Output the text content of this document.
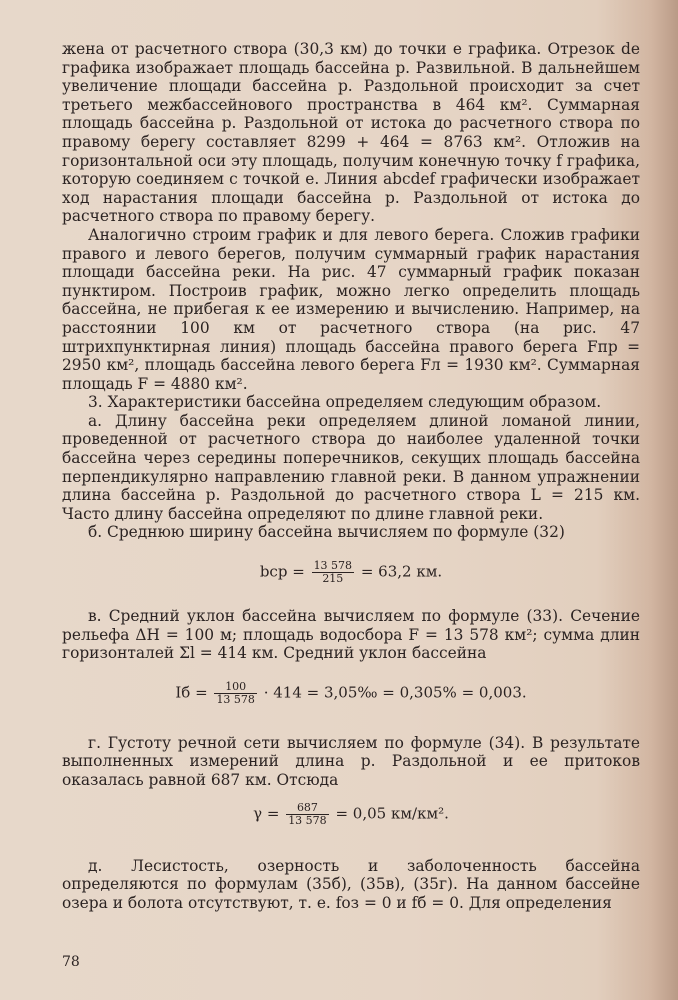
жена от расчетного створа (30,3 км) до точки e графика. Отрезок de графика изображает площадь бассейна р. Развильной. В дальнейшем увеличение площади бассейна р. Раздольной происходит за счет третьего межбассейнового пространства в 464 км². Суммарная площадь бассейна р. Раздольной от истока до расчетного створа по правому берегу составляет 8299 + 464 = 8763 км². Отложив на горизонтальной оси эту площадь, получим конечную точку f графика, которую соединяем с точкой e. Линия abcdef графически изображает ход нарастания площади бассейна р. Раздольной от истока до расчетного створа по правому берегу.

Аналогично строим график и для левого берега. Сложив графики правого и левого берегов, получим суммарный график нарастания площади бассейна реки. На рис. 47 суммарный график показан пунктиром. Построив график, можно легко определить площадь бассейна, не прибегая к ее измерению и вычислению. Например, на расстоянии 100 км от расчетного створа (на рис. 47 штрихпунктирная линия) площадь бассейна правого берега Fпр = 2950 км², площадь бассейна левого берега Fл = 1930 км². Суммарная площадь F = 4880 км².

3. Характеристики бассейна определяем следующим образом.

а. Длину бассейна реки определяем длиной ломаной линии, проведенной от расчетного створа до наиболее удаленной точки бассейна через середины поперечников, секущих площадь бассейна перпендикулярно направлению главной реки. В данном упражнении длина бассейна р. Раздольной до расчетного створа L = 215 км. Часто длину бассейна определяют по длине главной реки.

б. Среднюю ширину бассейна вычисляем по формуле (32)

bср = $\frac{13 578}{215} = 63,2$ км.

в. Средний уклон бассейна вычисляем по формуле (33). Сечение рельефа ΔH = 100 м; площадь водосбора F = 13 578 км²; сумма длин горизонталей Σl = 414 км. Средний уклон бассейна

Iб = $\frac{100}{13 578} \cdot 414$ = 3,05‰ = 0,305% = 0,003.

г. Густоту речной сети вычисляем по формуле (34). В результате выполненных измерений длина р. Раздольной и ее притоков оказалась равной 687 км. Отсюда

$\gamma = \frac{687}{13 578} = 0,05$ км/км².

д. Лесистость, озерность и заболоченность бассейна определяются по формулам (35б), (35в), (35г). На данном бассейне озера и болота отсутствуют, т. е. fоз = 0 и fб = 0. Для определения

78
